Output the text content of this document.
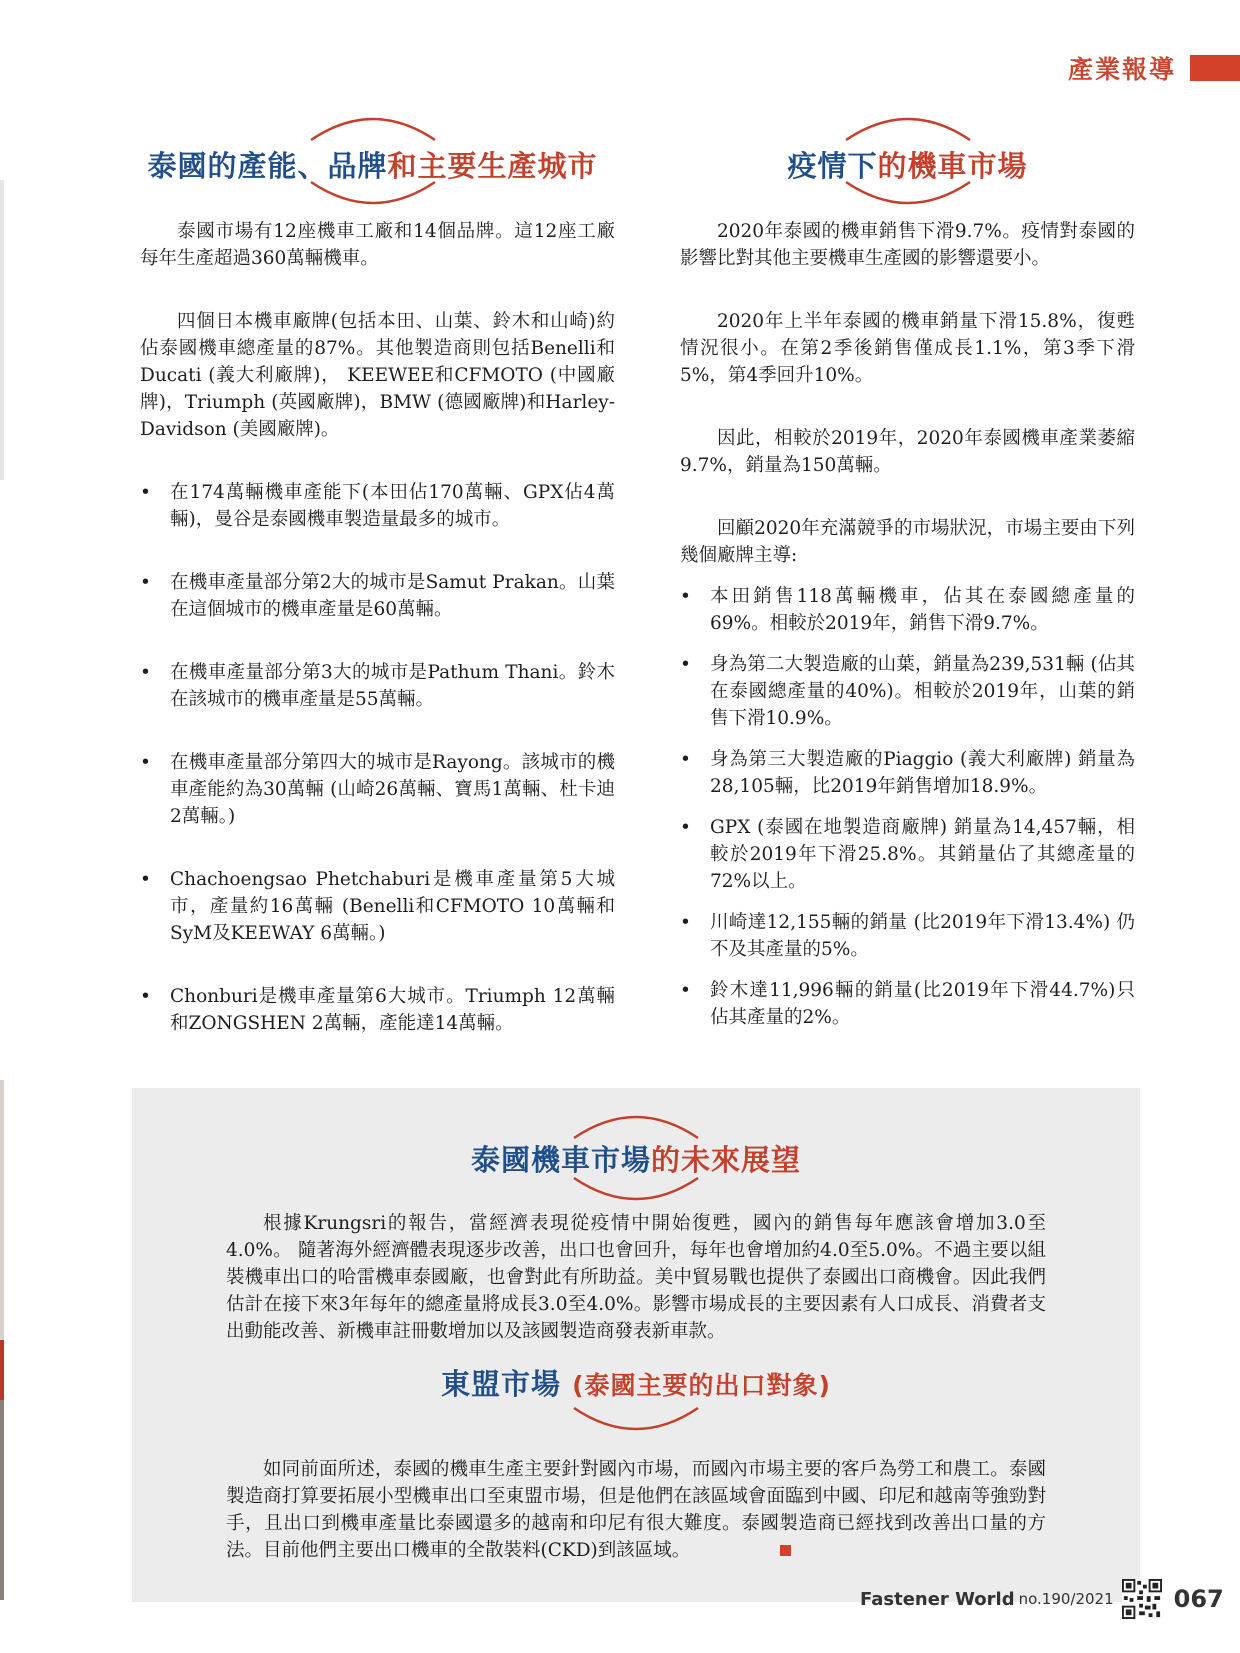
產業報導
泰國的產能、品牌和主要生產城市	疫情下的機車市場

泰國市場有12座機車工廠和14個品牌。這12座工廠每年生產超過360萬輛機車。

四個日本機車廠牌(包括本田、山葉、鈴木和山崎)約佔泰國機車總產量的87%。其他製造商則包括Benelli和Ducati (義大利廠牌)， KEEWEE和CFMOTO (中國廠牌)，Triumph (英國廠牌)，BMW (德國廠牌)和Harley-Davidson (美國廠牌)。

• 在174萬輛機車產能下(本田佔170萬輛、GPX佔4萬輛)，曼谷是泰國機車製造量最多的城市。
• 在機車產量部分第2大的城市是Samut Prakan。山葉在這個城市的機車產量是60萬輛。
• 在機車產量部分第3大的城市是Pathum Thani。鈴木在該城市的機車產量是55萬輛。
• 在機車產量部分第四大的城市是Rayong。該城市的機車產能約為30萬輛 (山崎26萬輛、寶馬1萬輛、杜卡迪2萬輛。)
• Chachoengsao Phetchaburi是機車產量第5大城市，產量約16萬輛 (Benelli和CFMOTO 10萬輛和SyM及KEEWAY 6萬輛。)
• Chonburi是機車產量第6大城市。Triumph 12萬輛和ZONGSHEN 2萬輛，產能達14萬輛。

2020年泰國的機車銷售下滑9.7%。疫情對泰國的影響比對其他主要機車生產國的影響還要小。

2020年上半年泰國的機車銷量下滑15.8%，復甦情況很小。在第2季後銷售僅成長1.1%，第3季下滑5%，第4季回升10%。

因此，相較於2019年，2020年泰國機車產業萎縮9.7%，銷量為150萬輛。

回顧2020年充滿競爭的市場狀況，市場主要由下列幾個廠牌主導:

• 本田銷售118萬輛機車，佔其在泰國總產量的69%。相較於2019年，銷售下滑9.7%。
• 身為第二大製造廠的山葉，銷量為239,531輛 (佔其在泰國總產量的40%)。相較於2019年，山葉的銷售下滑10.9%。
• 身為第三大製造廠的Piaggio (義大利廠牌) 銷量為28,105輛，比2019年銷售增加18.9%。
• GPX (泰國在地製造商廠牌) 銷量為14,457輛，相較於2019年下滑25.8%。其銷量佔了其總產量的72%以上。
• 川崎達12,155輛的銷量 (比2019年下滑13.4%) 仍不及其產量的5%。
• 鈴木達11,996輛的銷量(比2019年下滑44.7%)只佔其產量的2%。
泰國機車市場的未來展望

根據Krungsri的報告，當經濟表現從疫情中開始復甦，國內的銷售每年應該會增加3.0至4.0%。 隨著海外經濟體表現逐步改善，出口也會回升，每年也會增加約4.0至5.0%。不過主要以組裝機車出口的哈雷機車泰國廠，也會對此有所助益。美中貿易戰也提供了泰國出口商機會。因此我們估計在接下來3年每年的總產量將成長3.0至4.0%。影響市場成長的主要因素有人口成長、消費者支出動能改善、新機車註冊數增加以及該國製造商發表新車款。

東盟市場 (泰國主要的出口對象)

如同前面所述，泰國的機車生產主要針對國內市場，而國內市場主要的客戶為勞工和農工。泰國製造商打算要拓展小型機車出口至東盟市場，但是他們在該區域會面臨到中國、印尼和越南等強勁對手，且出口到機車產量比泰國還多的越南和印尼有很大難度。泰國製造商已經找到改善出口量的方法。目前他們主要出口機車的全散裝料(CKD)到該區域。

Fastener World no.190/2021	067
